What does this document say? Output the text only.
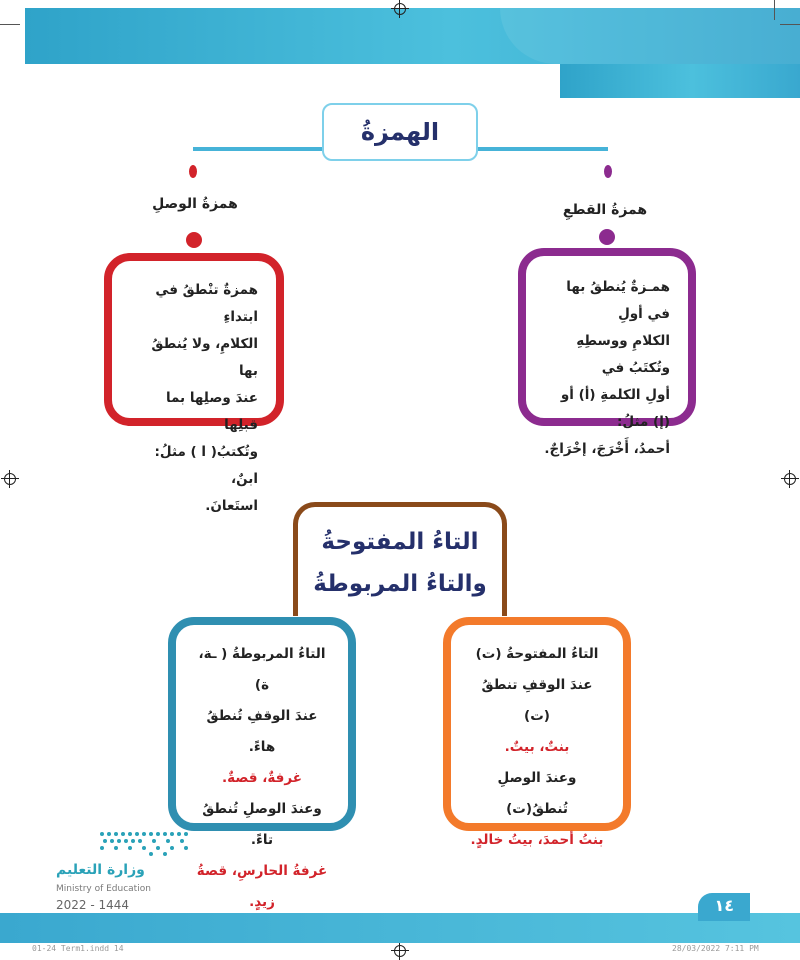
الهمزةُ
همزةُ الوصلِ	همزةُ القطعِ

همزةٌ تنْطقُ في ابتداءِ

الكلامِ، ولا يُنطقُ بها

عندَ وصلِها بما قبلِها

وتُكتبُ( ا ) مثلُ: ابنٌ،

استَعانَ.

همـزةٌ يُنطقُ بها في أولِ

الكلامِ ووسطِهِ وتُكتَبُ في

أولِ الكلمةِ (أ) أو (إ) مثلُ:

أحمدُ، أَخْرَجَ، إخْرَاجٌ.

التاءُ المفتوحةُ
والتاءُ المربوطةُ

التاءُ المربوطةُ ( ـة، ة)

عندَ الوقفِ تُنطقُ هاءً.

غرفةٌ، قصةٌ.

وعندَ الوصلِ تُنطقُ تاءً.

غرفةُ الحارسِ، قصةُ زيدٍ.

التاءُ المفتوحةُ (ت)

عندَ الوقفِ تنطقُ (ت)

بنتٌ، بيتٌ.

وعندَ الوصلِ تُنطقُ(ت)

بنتُ أحمدَ، بيتُ خالدٍ.

وزارة التعليم
Ministry of Education
2022 - 1444	١٤
01-24 Term1.indd 14	28/03/2022 7:11 PM
